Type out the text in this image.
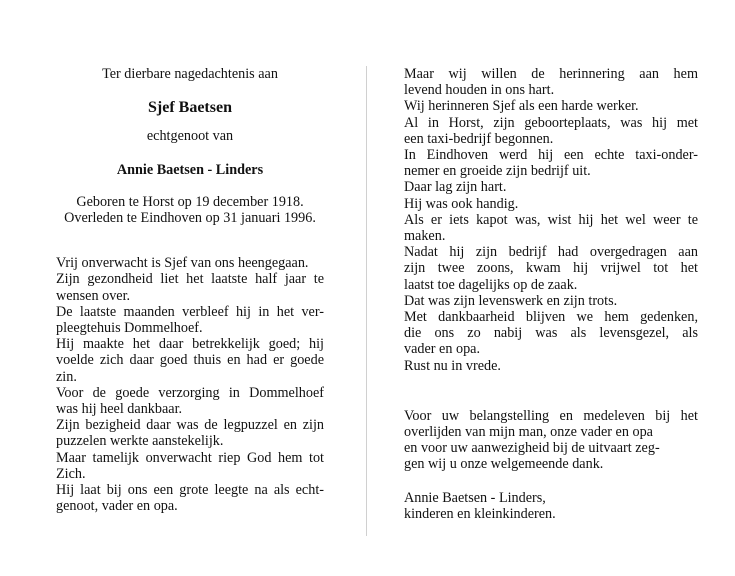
Ter dierbare nagedachtenis aan
Sjef Baetsen
echtgenoot van
Annie Baetsen - Linders
Geboren te Horst op 19 december 1918.
Overleden te Eindhoven op 31 januari 1996.
Vrij onverwacht is Sjef van ons heengegaan.
Zijn gezondheid liet het laatste half jaar te
wensen over.
De laatste maanden verbleef hij in het ver-
pleegtehuis Dommelhoef.
Hij maakte het daar betrekkelijk goed; hij
voelde zich daar goed thuis en had er goede
zin.
Voor de goede verzorging in Dommelhoef
was hij heel dankbaar.
Zijn bezigheid daar was de legpuzzel en zijn
puzzelen werkte aanstekelijk.
Maar tamelijk onverwacht riep God hem tot
Zich.
Hij laat bij ons een grote leegte na als echt-
genoot, vader en opa.
Maar wij willen de herinnering aan hem
levend houden in ons hart.
Wij herinneren Sjef als een harde werker.
Al in Horst, zijn geboorteplaats, was hij met
een taxi-bedrijf begonnen.
In Eindhoven werd hij een echte taxi-onder-
nemer en groeide zijn bedrijf uit.
Daar lag zijn hart.
Hij was ook handig.
Als er iets kapot was, wist hij het wel weer te
maken.
Nadat hij zijn bedrijf had overgedragen aan
zijn twee zoons, kwam hij vrijwel tot het
laatst toe dagelijks op de zaak.
Dat was zijn levenswerk en zijn trots.
Met dankbaarheid blijven we hem gedenken,
die ons zo nabij was als levensgezel, als
vader en opa.
Rust nu in vrede.
Voor uw belangstelling en medeleven bij het
overlijden van mijn man, onze vader en opa
en voor uw aanwezigheid bij de uitvaart zeg-
gen wij u onze welgemeende dank.
Annie Baetsen - Linders,
kinderen en kleinkinderen.
